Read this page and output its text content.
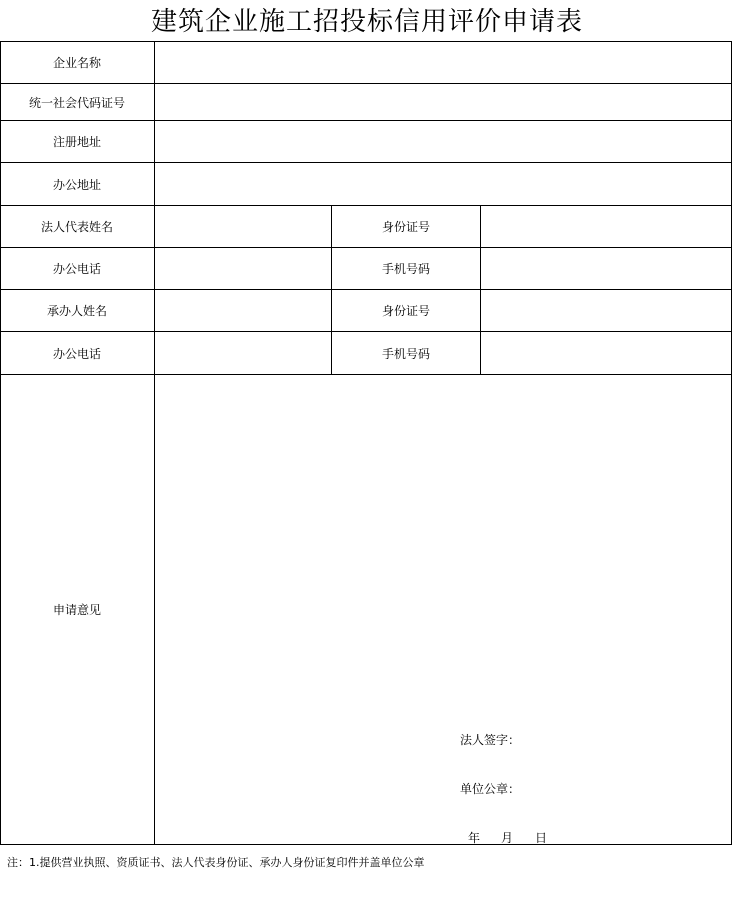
建筑企业施工招投标信用评价申请表
企业名称
统一社会代码证号
注册地址
办公地址
法人代表姓名	身份证号
办公电话	手机号码
承办人姓名	身份证号
办公电话	手机号码
申请意见
法人签字：
单位公章：
年 月 日
注：1.提供营业执照、资质证书、法人代表身份证、承办人身份证复印件并盖单位公章
